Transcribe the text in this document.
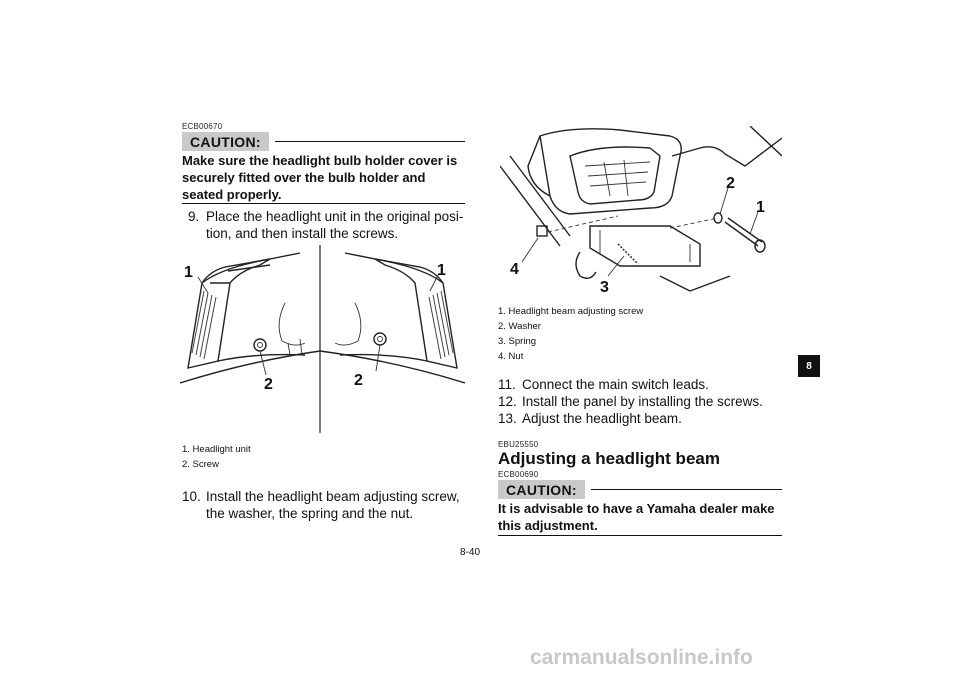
ECB00670
CAUTION:
Make sure the headlight bulb holder cover is securely fitted over the bulb holder and seated properly.
9. Place the headlight unit in the original posi-tion, and then install the screws.
1	1
2	2
1. Headlight unit
2. Screw
10. Install the headlight beam adjusting screw, the washer, the spring and the nut.
2
1
3
4
1. Headlight beam adjusting screw
2. Washer
3. Spring
4. Nut
11. Connect the main switch leads.
12. Install the panel by installing the screws.
13. Adjust the headlight beam.
EBU25550
Adjusting a headlight beam
ECB00690
CAUTION:
It is advisable to have a Yamaha dealer make this adjustment.
8
8-40
carmanualsonline.info
